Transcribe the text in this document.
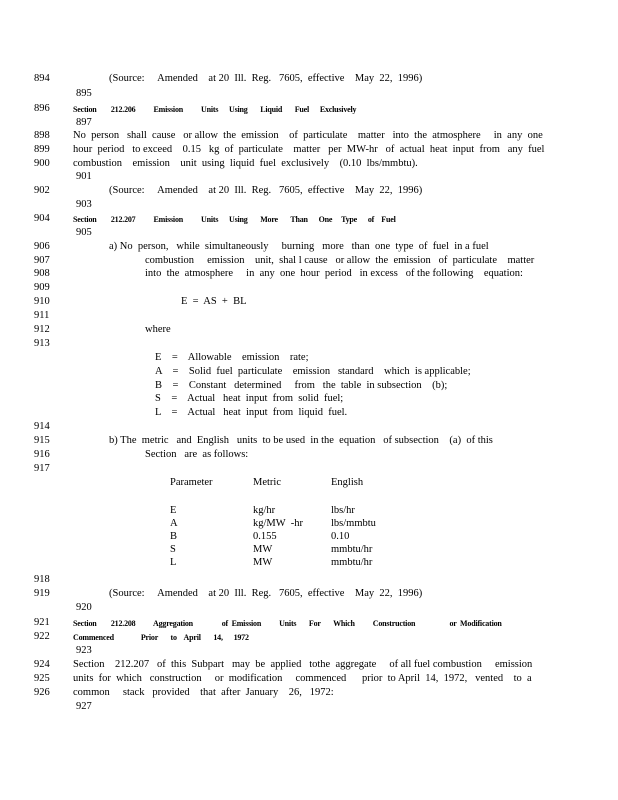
894	(Source:     Amended    at 20  Ill.  Reg.   7605,  effective    May  22,  1996)
895
896	Section        212.206          Emission          Units      Using       Liquid       Fuel      Exclusively
897
898 No  person   shall  cause   or allow  the  emission    of  particulate    matter   into  the  atmosphere     in  any  one
899 hour  period   to exceed    0.15   kg  of  particulate    matter   per  MW-hr   of  actual  heat  input  from   any  fuel
900 combustion    emission    unit  using  liquid  fuel  exclusively    (0.10  lbs/mmbtu).
901
902	(Source:     Amended    at 20  Ill.  Reg.   7605,  effective    May  22,  1996)
903
904	Section        212.207          Emission          Units      Using       More       Than      One     Type      of    Fuel
905
906	a) No  person,   while  simultaneously     burning   more   than  one  type  of  fuel  in a fuel
907	combustion     emission    unit,  shal l cause   or allow  the  emission   of  particulate    matter
908	into  the  atmosphere     in  any  one  hour  period   in excess   of the following    equation:
909
910	E  =  AS  +  BL
911
912	where
913
E    =    Allowable    emission    rate;
A    =    Solid  fuel  particulate    emission   standard    which  is applicable;
B    =    Constant   determined     from   the  table  in subsection    (b);
S    =    Actual   heat  input  from  solid  fuel;
L    =    Actual   heat  input  from  liquid  fuel.
914
915	b) The  metric   and  English   units  to be used  in the  equation   of subsection    (a)  of this
916	Section   are  as follows:
917
Parameter	Metric	English
E	kg/hr	lbs/hr
A	kg/MW  -hr	lbs/mmbtu
B	0.155	0.10
S	MW	mmbtu/hr
L	MW	mmbtu/hr
918
919	(Source:     Amended    at 20  Ill.  Reg.   7605,  effective    May  22,  1996)
920
921	Section        212.208          Aggregation                of  Emission          Units       For       Which          Construction                   or  Modification
922	Commenced               Prior       to    April       14,      1972
923
924 Section    212.207   of  this  Subpart   may  be  applied   tothe  aggregate     of all fuel combustion     emission
925 units  for  which   construction     or  modification     commenced      prior  to April  14,  1972,   vented    to  a
926 common     stack   provided    that  after  January    26,   1972:
927
